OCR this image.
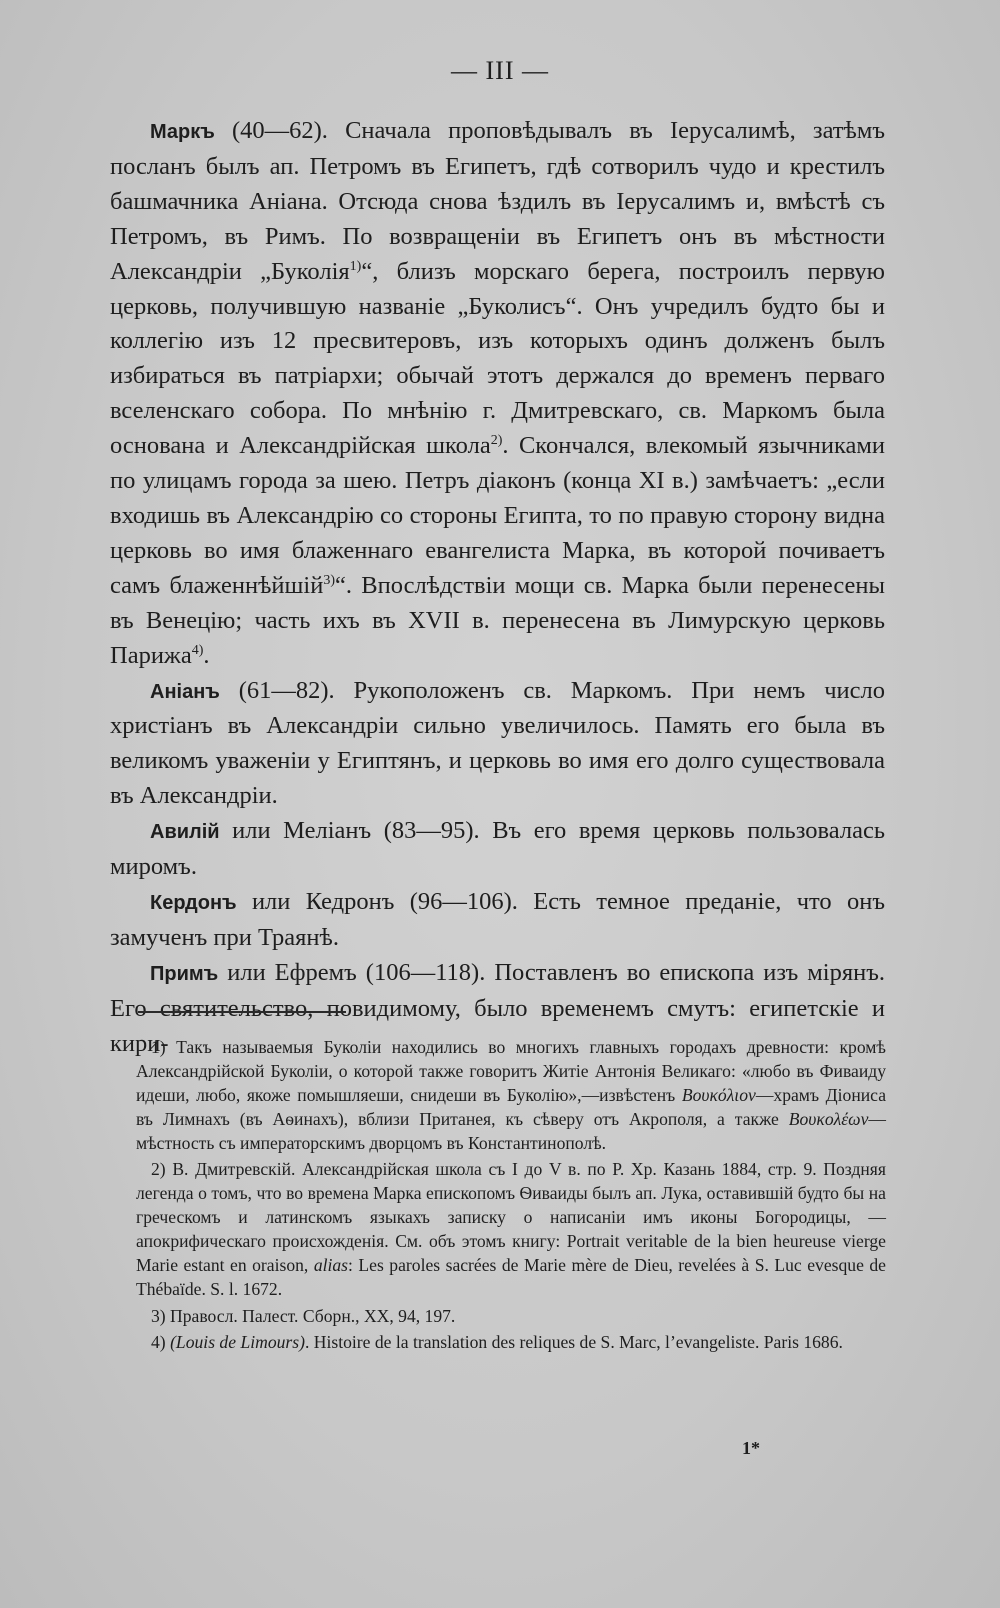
— III —

Маркъ (40—62). Сначала проповѣдывалъ въ Іерусалимѣ, затѣмъ посланъ былъ ап. Петромъ въ Египетъ, гдѣ сотворилъ чудо и крестилъ башмачника Аніана. Отсюда снова ѣздилъ въ Іерусалимъ и, вмѣстѣ съ Петромъ, въ Римъ. По возвращеніи въ Египетъ онъ въ мѣстности Александріи „Буколія$^{1)}$“, близъ морскаго берега, построилъ первую церковь, получившую названіе „Буколисъ“. Онъ учредилъ будто бы и коллегію изъ 12 пресвитеровъ, изъ которыхъ одинъ долженъ былъ избираться въ патріархи; обычай этотъ держался до временъ перваго вселенскаго собора. По мнѣнію г. Дмитревскаго, св. Маркомъ была основана и Александрійская школа$^{2)}$. Скончался, влекомый язычниками по улицамъ города за шею. Петръ діаконъ (конца XI в.) замѣчаетъ: „если входишь въ Александрію со стороны Египта, то по правую сторону видна церковь во имя блаженнаго евангелиста Марка, въ которой почиваетъ самъ блаженнѣйшій$^{3)}$“. Впослѣдствіи мощи св. Марка были перенесены въ Венецію; часть ихъ въ XVII в. перенесена въ Лимурскую церковь Парижа$^{4)}$.

Аніанъ (61—82). Рукоположенъ св. Маркомъ. При немъ число христіанъ въ Александріи сильно увеличилось. Память его была въ великомъ уваженіи у Египтянъ, и церковь во имя его долго существовала въ Александріи.

Авилій или Меліанъ (83—95). Въ его время церковь пользовалась миромъ.

Кердонъ или Кедронъ (96—106). Есть темное преданіе, что онъ замученъ при Траянѣ.

Примъ или Ефремъ (106—118). Поставленъ во епископа изъ мірянъ. Его святительство, повидимому, было временемъ смутъ: египетскіе и кири-

1) Такъ называемыя Буколіи находились во многихъ главныхъ городахъ древности: кромѣ Александрійской Буколіи, о которой также говоритъ Житіе Антонія Великаго: «любо въ Фиваиду идеши, любо, якоже помышляеши, снидеши въ Буколію»,—извѣстенъ Βουκόλιον—храмъ Діониса въ Лимнахъ (въ Аѳинахъ), вблизи Пританея, къ сѣверу отъ Акрополя, а также Βουκολέων—мѣстность съ императорскимъ дворцомъ въ Константинополѣ.

2) В. Дмитревскій. Александрійская школа съ I до V в. по Р. Хр. Казань 1884, стр. 9. Поздняя легенда о томъ, что во времена Марка епископомъ Ѳиваиды былъ ап. Лука, оставившій будто бы на греческомъ и латинскомъ языкахъ записку о написаніи имъ иконы Богородицы, — апокрифическаго происхожденія. См. объ этомъ книгу: Portrait veritable de la bien heureuse vierge Marie estant en oraison, alias: Les paroles sacrées de Marie mère de Dieu, revelées à S. Luc evesque de Thébaïde. S. l. 1672.

3) Правосл. Палест. Сборн., XX, 94, 197.

4) (Louis de Limours). Histoire de la translation des reliques de S. Marc, l’evangeliste. Paris 1686.

1*
